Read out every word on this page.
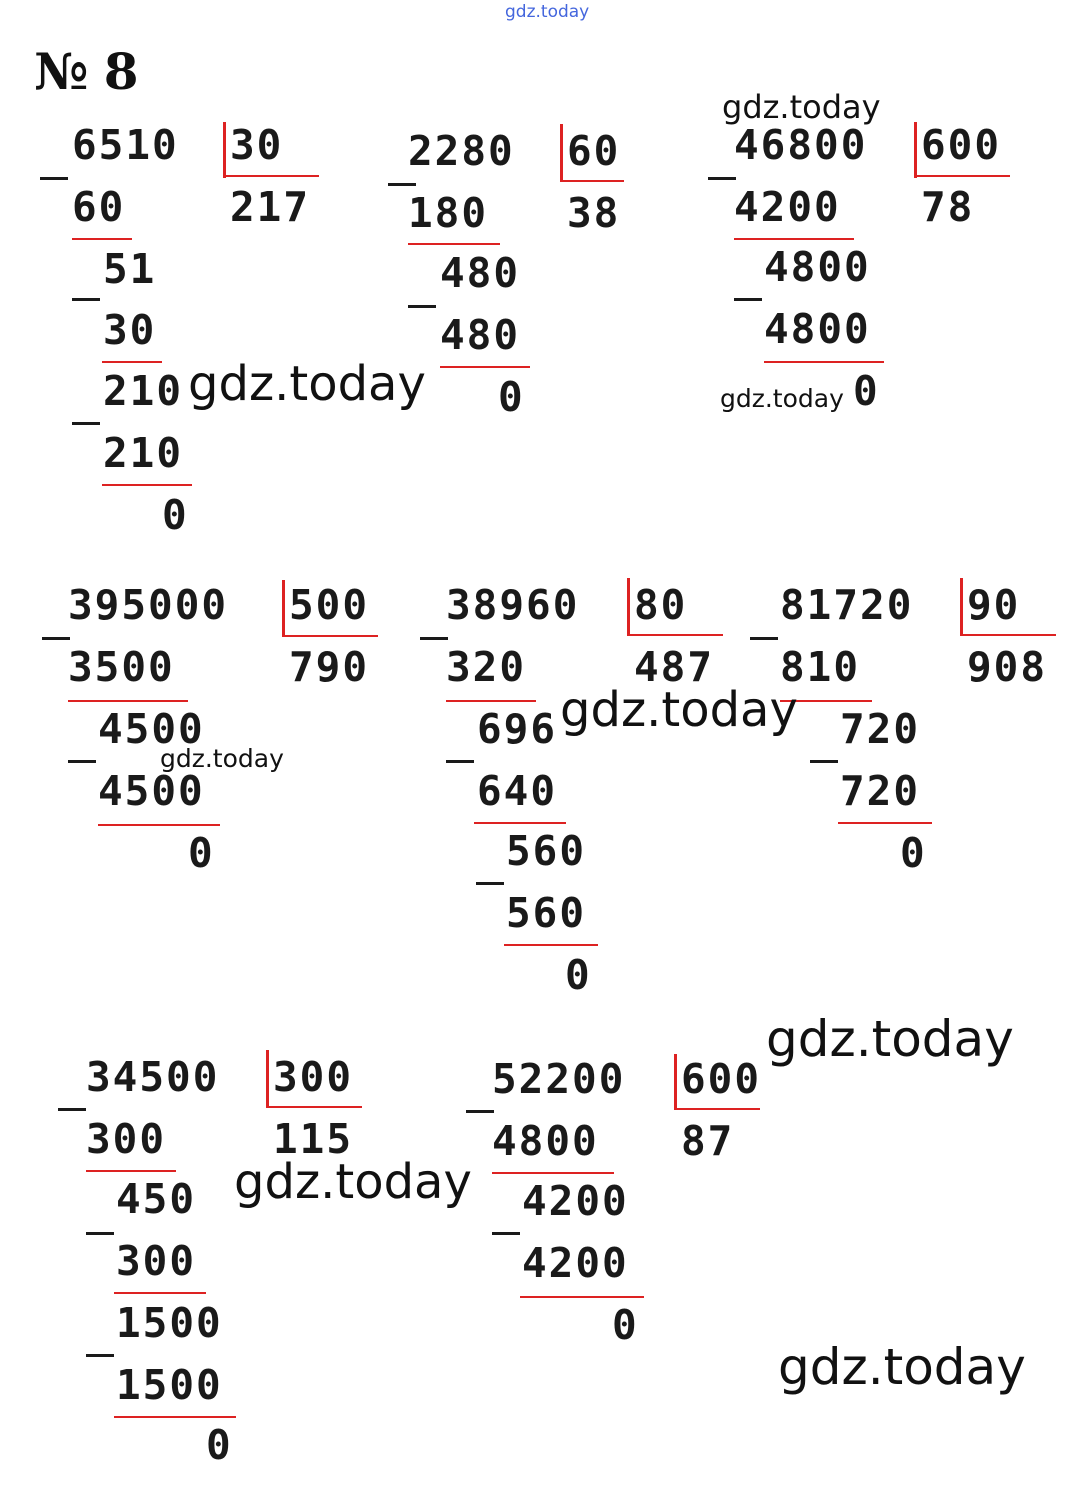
gdz.today
№ 8
6510 30
217
60
51
30
210
210
0
2280 60
38
180
480
480
0
46800 600
78
4200
4800
4800
0
395000 500
790
3500
4500
4500
0
38960 80
487
320
696
640
560
560
0
81720 90
908
810
720
720
0
34500 300
115
300
450
300
1500
1500
0
52200 600
87
4800
4200
4200
0
gdz.today
gdz.today	gdz.today
gdz.today
gdz.today
gdz.today
gdz.today
gdz.today
